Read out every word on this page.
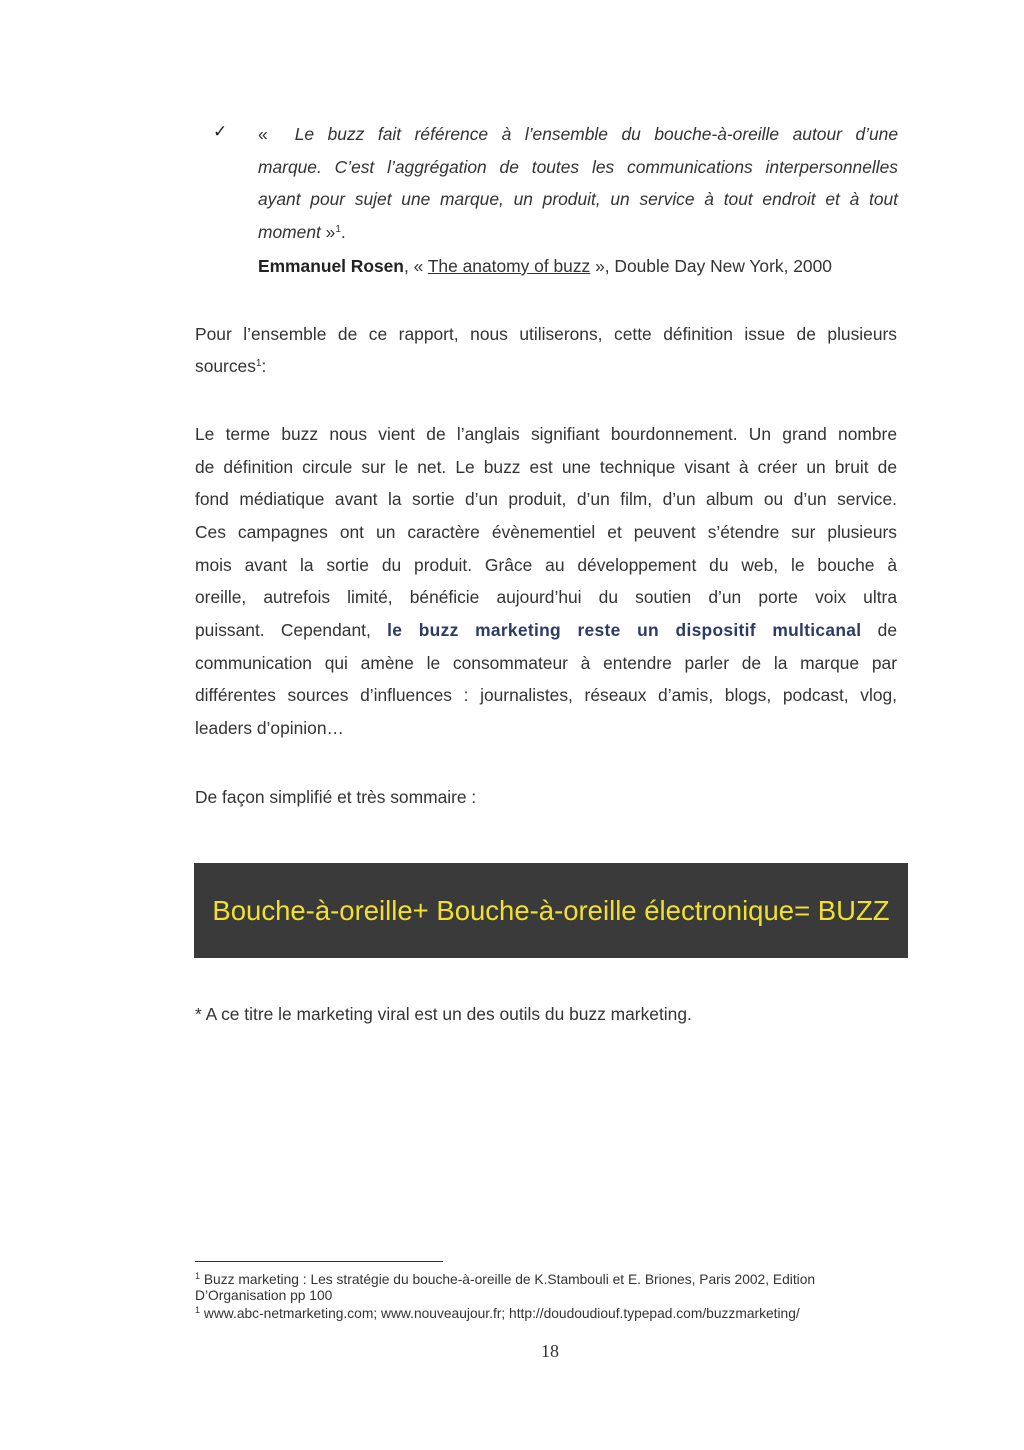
✓ « Le buzz fait référence à l’ensemble du bouche-à-oreille autour d’une
marque. C’est l’aggrégation de toutes les communications interpersonnelles
ayant pour sujet une marque, un produit, un service à tout endroit et à tout
moment »$^1$.
Emmanuel Rosen, « The anatomy of buzz », Double Day New York, 2000
Pour l’ensemble de ce rapport, nous utiliserons, cette définition issue de plusieurs
sources$^1$:
Le terme buzz nous vient de l’anglais signifiant bourdonnement. Un grand nombre
de définition circule sur le net. Le buzz est une technique visant à créer un bruit de
fond médiatique avant la sortie d’un produit, d’un film, d’un album ou d’un service.
Ces campagnes ont un caractère évènementiel et peuvent s’étendre sur plusieurs
mois avant la sortie du produit. Grâce au développement du web, le bouche à
oreille, autrefois limité, bénéficie aujourd’hui du soutien d’un porte voix ultra
puissant. Cependant, le buzz marketing reste un dispositif multicanal de
communication qui amène le consommateur à entendre parler de la marque par
différentes sources d’influences : journalistes, réseaux d’amis, blogs, podcast, vlog,
leaders d’opinion…
De façon simplifié et très sommaire :
Bouche-à-oreille+ Bouche-à-oreille électronique= BUZZ
* A ce titre le marketing viral est un des outils du buzz marketing.
$^1$ Buzz marketing : Les stratégie du bouche-à-oreille de K.Stambouli et E. Briones, Paris 2002, Edition
D’Organisation pp 100
$^1$ www.abc-netmarketing.com; www.nouveaujour.fr; http://doudoudiouf.typepad.com/buzzmarketing/
18
